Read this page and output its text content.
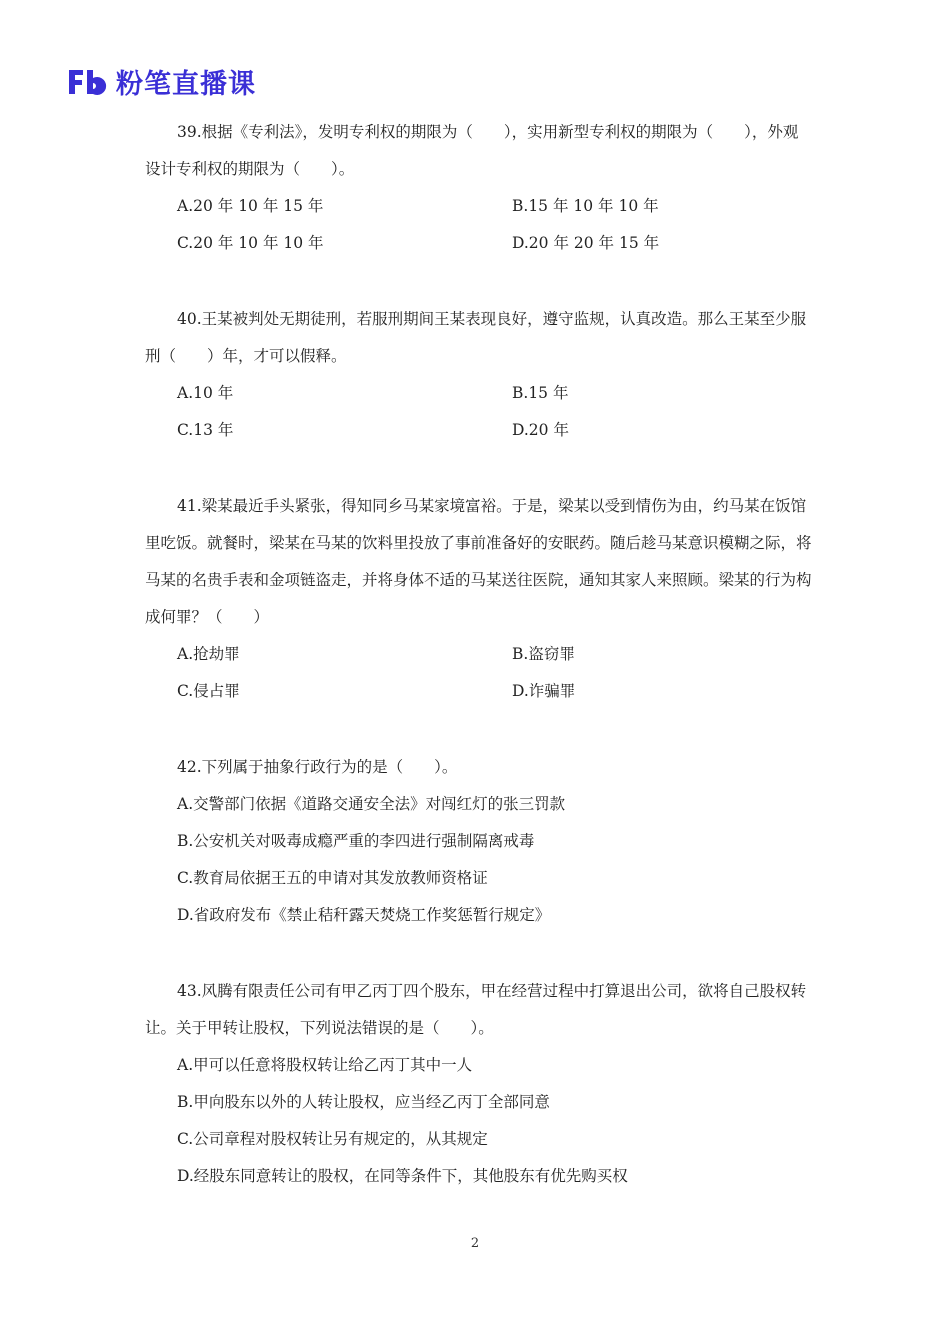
粉笔直播课

39.根据《专利法》，发明专利权的期限为（　　），实用新型专利权的期限为（　　），外观设计专利权的期限为（　　）。

A.20 年 10 年 15 年	B.15 年 10 年 10 年
C.20 年 10 年 10 年	D.20 年 20 年 15 年

40.王某被判处无期徒刑，若服刑期间王某表现良好，遵守监规，认真改造。那么王某至少服刑（　　）年，才可以假释。

A.10 年	B.15 年
C.13 年	D.20 年

41.梁某最近手头紧张，得知同乡马某家境富裕。于是，梁某以受到情伤为由，约马某在饭馆里吃饭。就餐时，梁某在马某的饮料里投放了事前准备好的安眠药。随后趁马某意识模糊之际，将马某的名贵手表和金项链盗走，并将身体不适的马某送往医院，通知其家人来照顾。梁某的行为构成何罪？（　　）

A.抢劫罪	B.盗窃罪
C.侵占罪	D.诈骗罪

42.下列属于抽象行政行为的是（　　）。

A.交警部门依据《道路交通安全法》对闯红灯的张三罚款
B.公安机关对吸毒成瘾严重的李四进行强制隔离戒毒
C.教育局依据王五的申请对其发放教师资格证
D.省政府发布《禁止秸秆露天焚烧工作奖惩暂行规定》

43.风腾有限责任公司有甲乙丙丁四个股东，甲在经营过程中打算退出公司，欲将自己股权转让。关于甲转让股权，下列说法错误的是（　　）。

A.甲可以任意将股权转让给乙丙丁其中一人
B.甲向股东以外的人转让股权，应当经乙丙丁全部同意
C.公司章程对股权转让另有规定的，从其规定
D.经股东同意转让的股权，在同等条件下，其他股东有优先购买权
2
